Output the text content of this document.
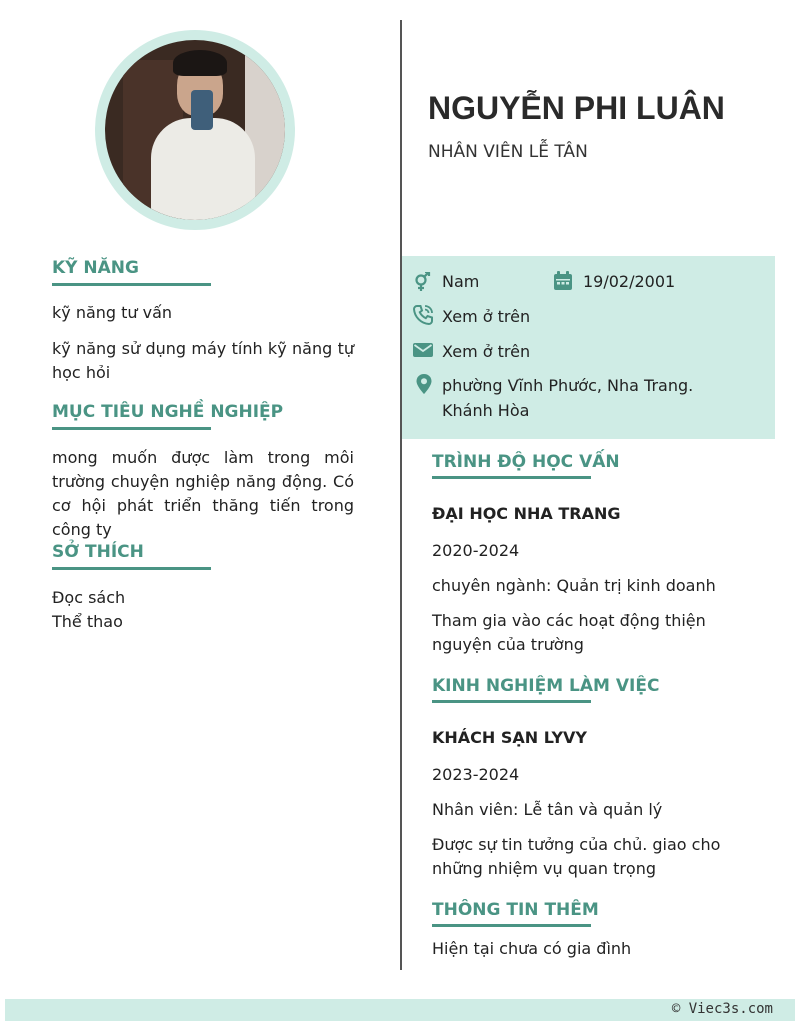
NGUYỄN PHI LUÂN

NHÂN VIÊN LỄ TÂN

KỸ NĂNG

kỹ năng tư vấn

kỹ năng sử dụng máy tính kỹ năng tự học hỏi

MỤC TIÊU NGHỀ NGHIỆP

mong muốn được làm trong môi trường chuyện nghiệp năng động. Có cơ hội phát triển thăng tiến trong công ty

SỞ THÍCH

Đọc sách

Thể thao

Nam	19/02/2001

Xem ở trên

Xem ở trên

phường Vĩnh Phước, Nha Trang.

Khánh Hòa

TRÌNH ĐỘ HỌC VẤN

ĐẠI HỌC NHA TRANG

2020-2024

chuyên ngành: Quản trị kinh doanh

Tham gia vào các hoạt động thiện nguyện của trường

KINH NGHIỆM LÀM VIỆC

KHÁCH SẠN LYVY

2023-2024

Nhân viên: Lễ tân và quản lý

Được sự tin tưởng của chủ. giao cho những nhiệm vụ quan trọng

THÔNG TIN THÊM

Hiện tại chưa có gia đình

© Viec3s.com
